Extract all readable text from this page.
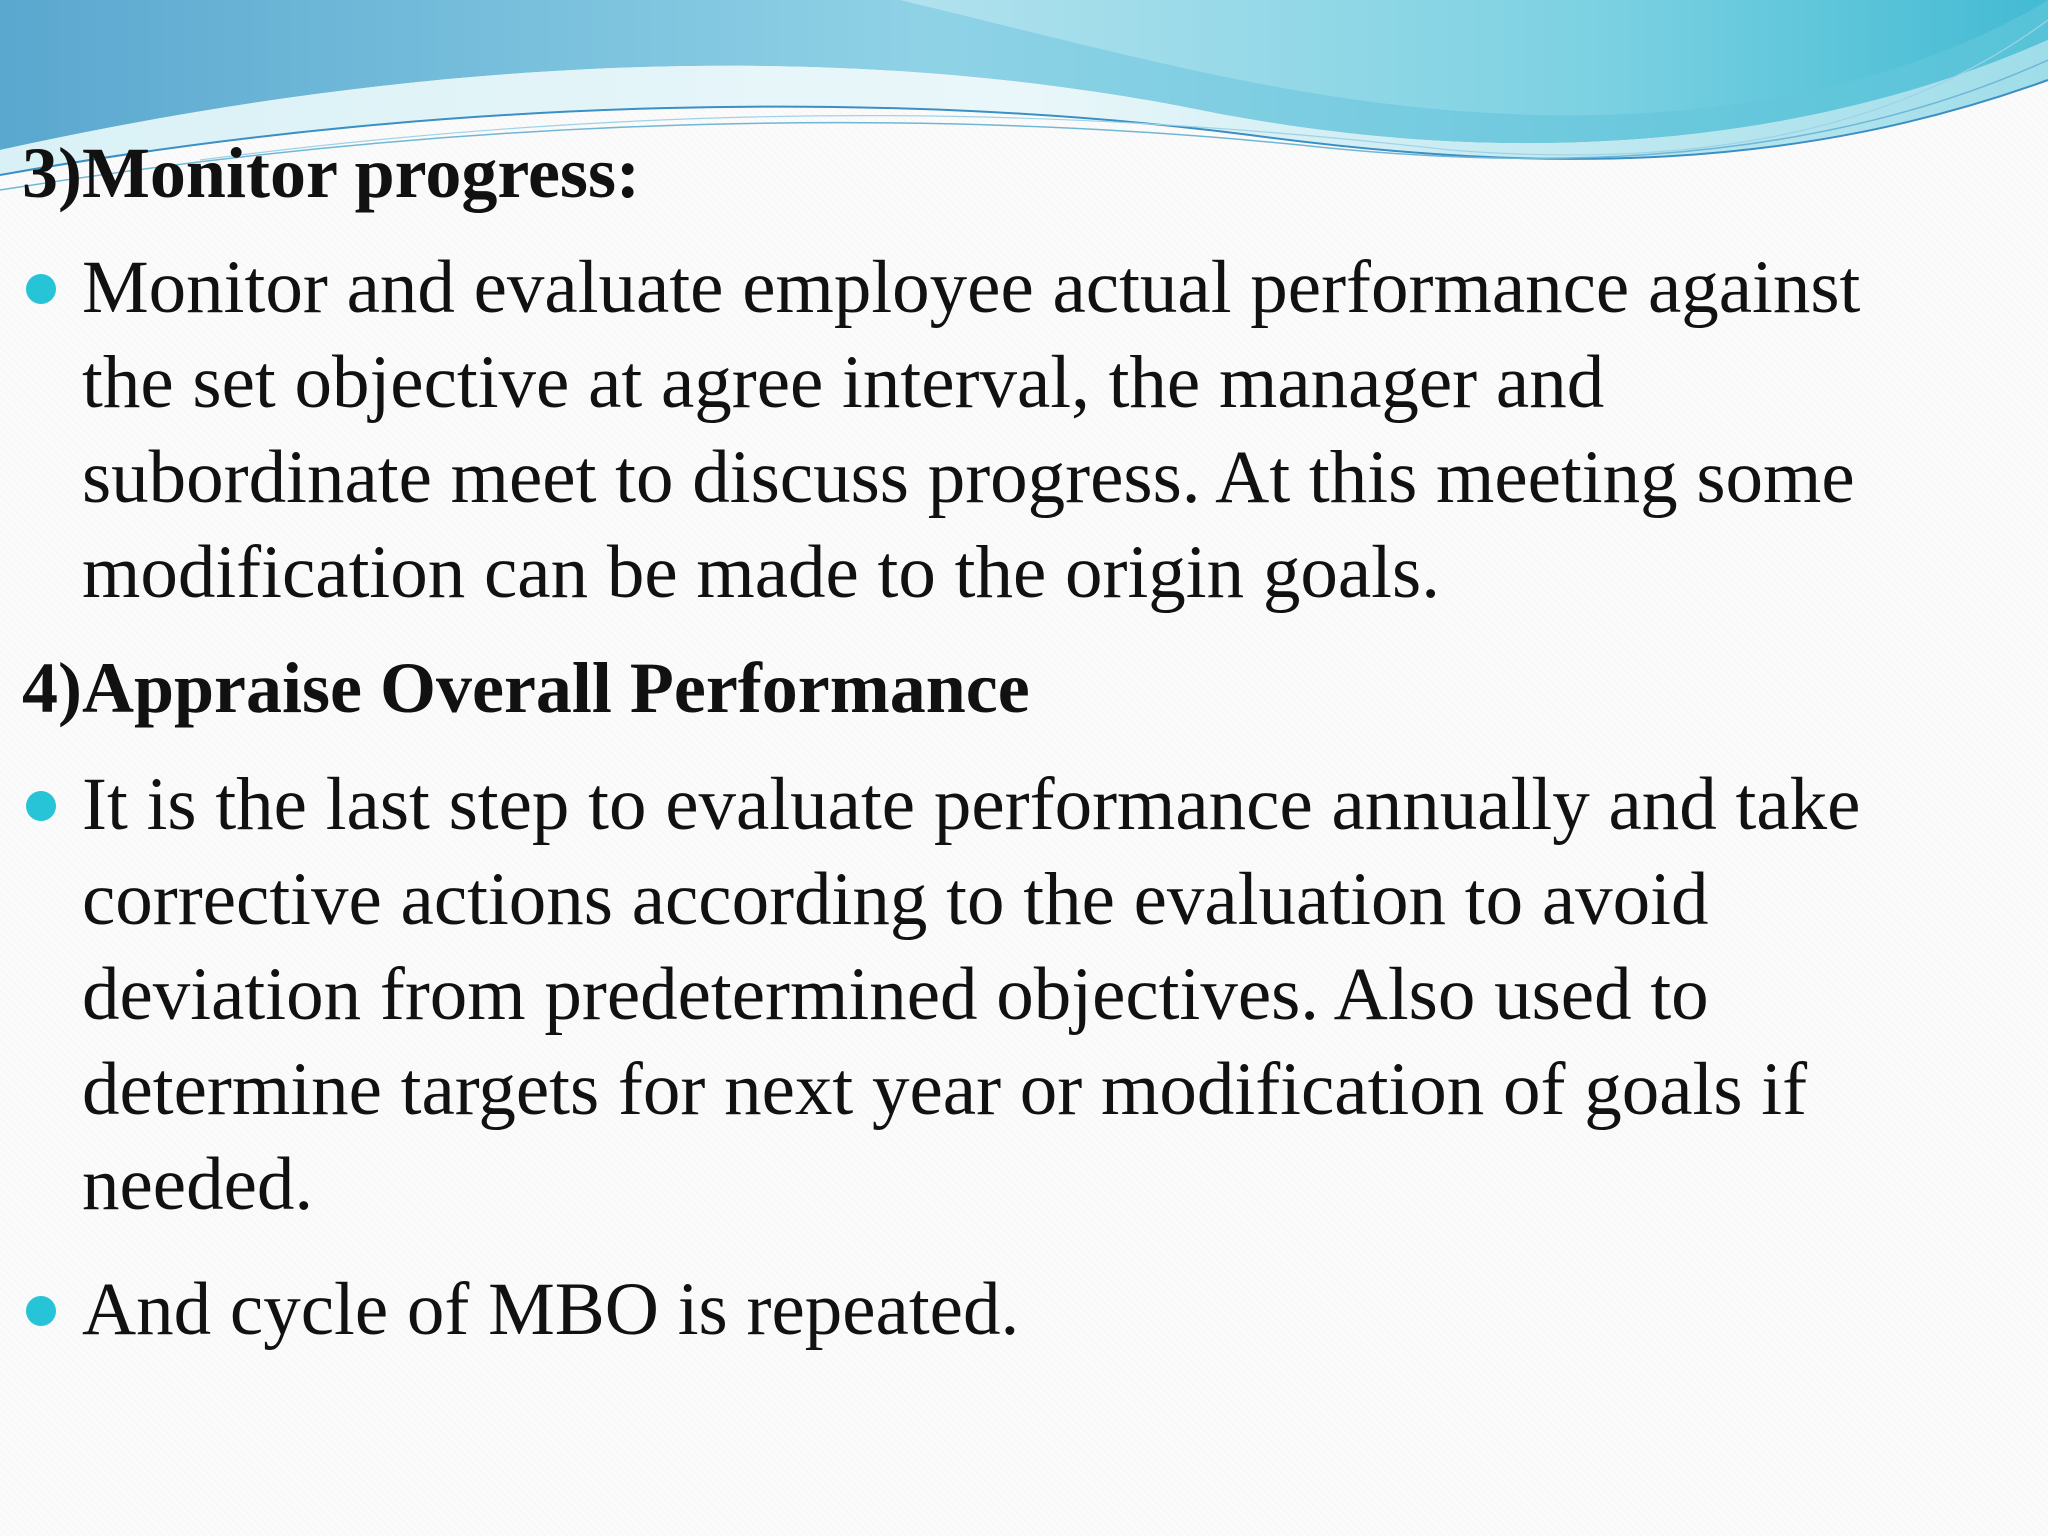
3)Monitor progress:
Monitor and evaluate employee actual performance against
the set objective at agree interval, the manager and
subordinate meet to discuss progress. At this meeting some
modification can be made to the origin goals.
4)Appraise Overall Performance
It is the last step to evaluate performance annually and take
corrective actions according to the evaluation to avoid
deviation from predetermined objectives. Also used to
determine targets for next year or modification of goals if
needed.
And cycle of MBO is repeated.
